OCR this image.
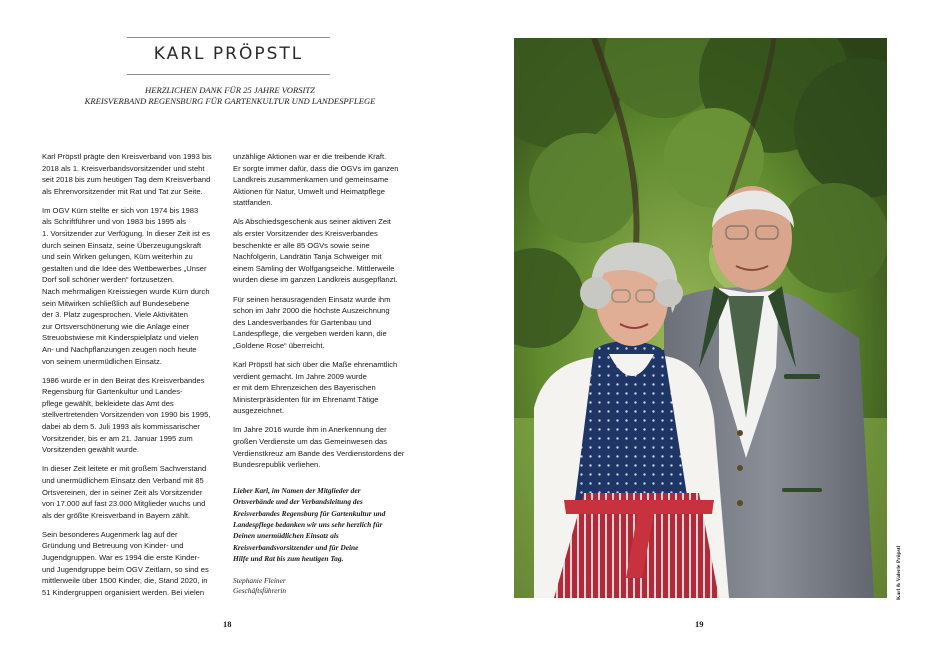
KARL PRÖPSTL
HERZLICHEN DANK FÜR 25 JAHRE VORSITZ
KREISVERBAND REGENSBURG FÜR GARTENKULTUR UND LANDESPFLEGE

Karl Pröpstl prägte den Kreisverband von 1993 bis
2018 als 1. Kreisverbandsvorsitzender und steht
seit 2018 bis zum heutigen Tag dem Kreisverband
als Ehrenvorsitzender mit Rat und Tat zur Seite.

Im OGV Kürn stellte er sich von 1974 bis 1983
als Schriftführer und von 1983 bis 1995 als
1. Vorsitzender zur Verfügung. In dieser Zeit ist es
durch seinen Einsatz, seine Überzeugungskraft
und sein Wirken gelungen, Kürn weiterhin zu
gestalten und die Idee des Wettbewerbes „Unser
Dorf soll schöner werden“ fortzusetzen.
Nach mehrmaligen Kreissiegen wurde Kürn durch
sein Mitwirken schließlich auf Bundesebene
der 3. Platz zugesprochen. Viele Aktivitäten
zur Ortsverschönerung wie die Anlage einer
Streuobstwiese mit Kinderspielplatz und vielen
An- und Nachpflanzungen zeugen noch heute
von seinem unermüdlichen Einsatz.

1986 wurde er in den Beirat des Kreisverbandes
Regensburg für Gartenkultur und Landes-
pflege gewählt, bekleidete das Amt des
stellvertretenden Vorsitzenden von 1990 bis 1995,
dabei ab dem 5. Juli 1993 als kommissarischer
Vorsitzender, bis er am 21. Januar 1995 zum
Vorsitzenden gewählt wurde.

In dieser Zeit leitete er mit großem Sachverstand
und unermüdlichem Einsatz den Verband mit 85
Ortsvereinen, der in seiner Zeit als Vorsitzender
von 17.000 auf fast 23.000 Mitglieder wuchs und
als der größte Kreisverband in Bayern zählt.

Sein besonderes Augenmerk lag auf der
Gründung und Betreuung von Kinder- und
Jugendgruppen. War es 1994 die erste Kinder-
und Jugendgruppe beim OGV Zeitlarn, so sind es
mittlerweile über 1500 Kinder, die, Stand 2020, in
51 Kindergruppen organisiert werden. Bei vielen

unzählige Aktionen war er die treibende Kraft.
Er sorgte immer dafür, dass die OGVs im ganzen
Landkreis zusammenkamen und gemeinsame
Aktionen für Natur, Umwelt und Heimatpflege
stattfanden.

Als Abschiedsgeschenk aus seiner aktiven Zeit
als erster Vorsitzender des Kreisverbandes
beschenkte er alle 85 OGVs sowie seine
Nachfolgerin, Landrätin Tanja Schweiger mit
einem Sämling der Wolfgangseiche. Mittlerweile
wurden diese im ganzen Landkreis ausgepflanzt.

Für seinen herausragenden Einsatz wurde ihm
schon im Jahr 2000 die höchste Auszeichnung
des Landesverbandes für Gartenbau und
Landespflege, die vergeben werden kann, die
„Goldene Rose“ überreicht.

Karl Pröpstl hat sich über die Maße ehrenamtlich
verdient gemacht. Im Jahre 2009 wurde
er mit dem Ehrenzeichen des Bayerischen
Ministerpräsidenten für im Ehrenamt Tätige
ausgezeichnet.

Im Jahre 2016 wurde ihm in Anerkennung der
großen Verdienste um das Gemeinwesen das
Verdienstkreuz am Bande des Verdienstordens der
Bundesrepublik verliehen.

Lieber Karl, im Namen der Mitglieder der
Ortsverbände und der Verbandsleitung des
Kreisverbandes Regensburg für Gartenkultur und
Landespflege bedanken wir uns sehr herzlich für
Deinen unermüdlichen Einsatz als
Kreisverbandsvorsitzender und für Deine
Hilfe und Rat bis zum heutigen Tag.
Stephanie Fleiner
Geschäftsführerin
18
Karl & Valerie Pröpstl
19
